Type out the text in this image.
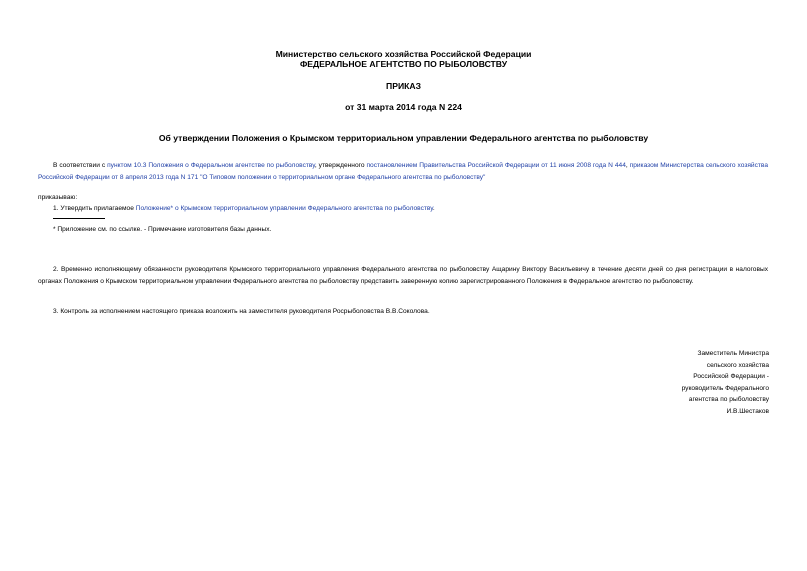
Министерство сельского хозяйства Российской Федерации
ФЕДЕРАЛЬНОЕ АГЕНТСТВО ПО РЫБОЛОВСТВУ
ПРИКАЗ
от 31 марта 2014 года N 224
Об утверждении Положения о Крымском территориальном управлении Федерального агентства по рыболовству
В соответствии с пунктом 10.3 Положения о Федеральном агентстве по рыболовству, утвержденного постановлением Правительства Российской Федерации от 11 июня 2008 года N 444, приказом Министерства сельского хозяйства Российской Федерации от 8 апреля 2013 года N 171 "О Типовом положении о территориальном органе Федерального агентства по рыболовству"
приказываю:
1. Утвердить прилагаемое Положение* о Крымском территориальном управлении Федерального агентства по рыболовству.
* Приложение см. по ссылке. - Примечание изготовителя базы данных.
2. Временно исполняющему обязанности руководителя Крымского территориального управления Федерального агентства по рыболовству Ащарину Виктору Васильевичу в течение десяти дней со дня регистрации в налоговых органах Положения о Крымском территориальном управлении Федерального агентства по рыболовству представить заверенную копию зарегистрированного Положения в Федеральное агентство по рыболовству.
3. Контроль за исполнением настоящего приказа возложить на заместителя руководителя Росрыболовства В.В.Соколова.
Заместитель Министра
сельского хозяйства
Российской Федерации -
руководитель Федерального
агентства по рыболовству
И.В.Шестаков
